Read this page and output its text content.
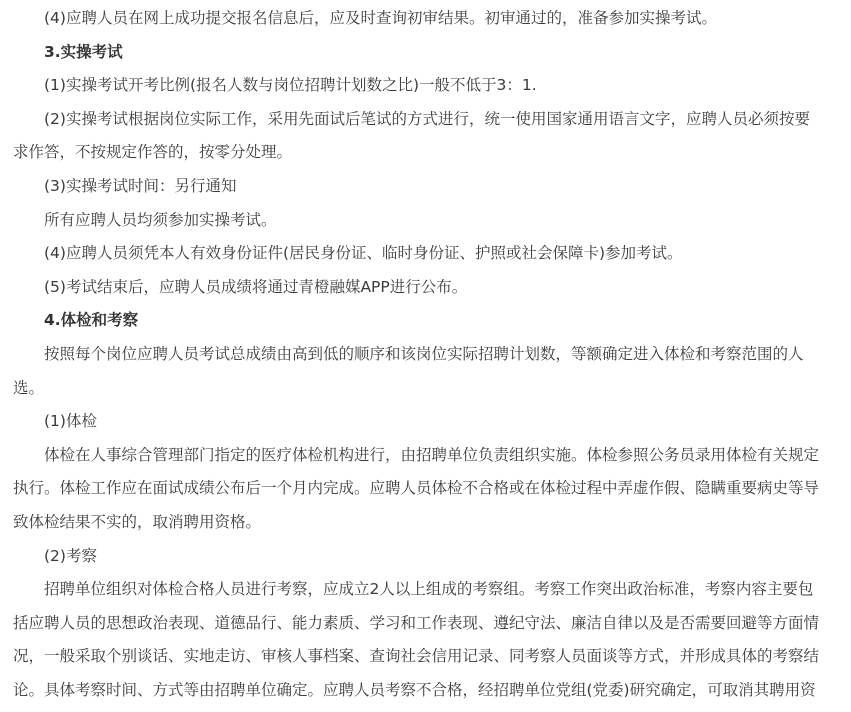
(4)应聘人员在网上成功提交报名信息后，应及时查询初审结果。初审通过的，准备参加实操考试。
3.实操考试
(1)实操考试开考比例(报名人数与岗位招聘计划数之比)一般不低于3：1.
(2)实操考试根据岗位实际工作，采用先面试后笔试的方式进行，统一使用国家通用语言文字，应聘人员必须按要
求作答，不按规定作答的，按零分处理。
(3)实操考试时间：另行通知
所有应聘人员均须参加实操考试。
(4)应聘人员须凭本人有效身份证件(居民身份证、临时身份证、护照或社会保障卡)参加考试。
(5)考试结束后，应聘人员成绩将通过青橙融媒APP进行公布。
4.体检和考察
按照每个岗位应聘人员考试总成绩由高到低的顺序和该岗位实际招聘计划数，等额确定进入体检和考察范围的人
选。
(1)体检
体检在人事综合管理部门指定的医疗体检机构进行，由招聘单位负责组织实施。体检参照公务员录用体检有关规定
执行。体检工作应在面试成绩公布后一个月内完成。应聘人员体检不合格或在体检过程中弄虚作假、隐瞒重要病史等导
致体检结果不实的，取消聘用资格。
(2)考察
招聘单位组织对体检合格人员进行考察，应成立2人以上组成的考察组。考察工作突出政治标准，考察内容主要包
括应聘人员的思想政治表现、道德品行、能力素质、学习和工作表现、遵纪守法、廉洁自律以及是否需要回避等方面情
况，一般采取个别谈话、实地走访、审核人事档案、查询社会信用记录、同考察人员面谈等方式，并形成具体的考察结
论。具体考察时间、方式等由招聘单位确定。应聘人员考察不合格，经招聘单位党组(党委)研究确定，可取消其聘用资
